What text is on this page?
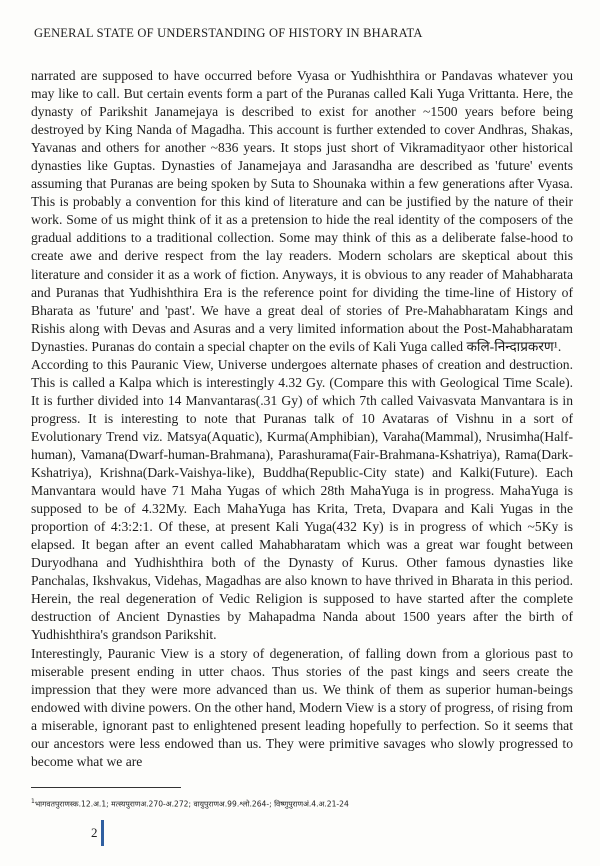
GENERAL STATE OF UNDERSTANDING OF HISTORY IN BHARATA

narrated are supposed to have occurred before Vyasa or Yudhishthira or Pandavas whatever you may like to call. But certain events form a part of the Puranas called Kali Yuga Vrittanta. Here, the dynasty of Parikshit Janamejaya is described to exist for another ~1500 years before being destroyed by King Nanda of Magadha. This account is further extended to cover Andhras, Shakas, Yavanas and others for another ~836 years. It stops just short of Vikramadityaor other historical dynasties like Guptas. Dynasties of Janamejaya and Jarasandha are described as 'future' events assuming that Puranas are being spoken by Suta to Shounaka within a few generations after Vyasa. This is probably a convention for this kind of literature and can be justified by the nature of their work. Some of us might think of it as a pretension to hide the real identity of the composers of the gradual additions to a traditional collection. Some may think of this as a deliberate false-hood to create awe and derive respect from the lay readers. Modern scholars are skeptical about this literature and consider it as a work of fiction. Anyways, it is obvious to any reader of Mahabharata and Puranas that Yudhishthira Era is the reference point for dividing the time-line of History of Bharata as 'future' and 'past'. We have a great deal of stories of Pre-Mahabharatam Kings and Rishis along with Devas and Asuras and a very limited information about the Post-Mahabharatam Dynasties. Puranas do contain a special chapter on the evils of Kali Yuga called कलि-निन्दाप्रकरण¹.

According to this Pauranic View, Universe undergoes alternate phases of creation and destruction. This is called a Kalpa which is interestingly 4.32 Gy. (Compare this with Geological Time Scale). It is further divided into 14 Manvantaras(.31 Gy) of which 7th called Vaivasvata Manvantara is in progress. It is interesting to note that Puranas talk of 10 Avataras of Vishnu in a sort of Evolutionary Trend viz. Matsya(Aquatic), Kurma(Amphibian), Varaha(Mammal), Nrusimha(Half-human), Vamana(Dwarf-human-Brahmana), Parashurama(Fair-Brahmana-Kshatriya), Rama(Dark-Kshatriya), Krishna(Dark-Vaishya-like), Buddha(Republic-City state) and Kalki(Future). Each Manvantara would have 71 Maha Yugas of which 28th MahaYuga is in progress. MahaYuga is supposed to be of 4.32My. Each MahaYuga has Krita, Treta, Dvapara and Kali Yugas in the proportion of 4:3:2:1. Of these, at present Kali Yuga(432 Ky) is in progress of which ~5Ky is elapsed. It began after an event called Mahabharatam which was a great war fought between Duryodhana and Yudhishthira both of the Dynasty of Kurus. Other famous dynasties like Panchalas, Ikshvakus, Videhas, Magadhas are also known to have thrived in Bharata in this period. Herein, the real degeneration of Vedic Religion is supposed to have started after the complete destruction of Ancient Dynasties by Mahapadma Nanda about 1500 years after the birth of Yudhishthira's grandson Parikshit.

Interestingly, Pauranic View is a story of degeneration, of falling down from a glorious past to miserable present ending in utter chaos. Thus stories of the past kings and seers create the impression that they were more advanced than us. We think of them as superior human-beings endowed with divine powers. On the other hand, Modern View is a story of progress, of rising from a miserable, ignorant past to enlightened present leading hopefully to perfection. So it seems that our ancestors were less endowed than us. They were primitive savages who slowly progressed to become what we are

$^1$भागवतपुराणस्क.12.अ.1; मत्स्यपुराणअ.270-अ.272; वायुपुराणअ.99.श्लो.264-; विष्णुपुराणअं.4.अ.21-24
2
